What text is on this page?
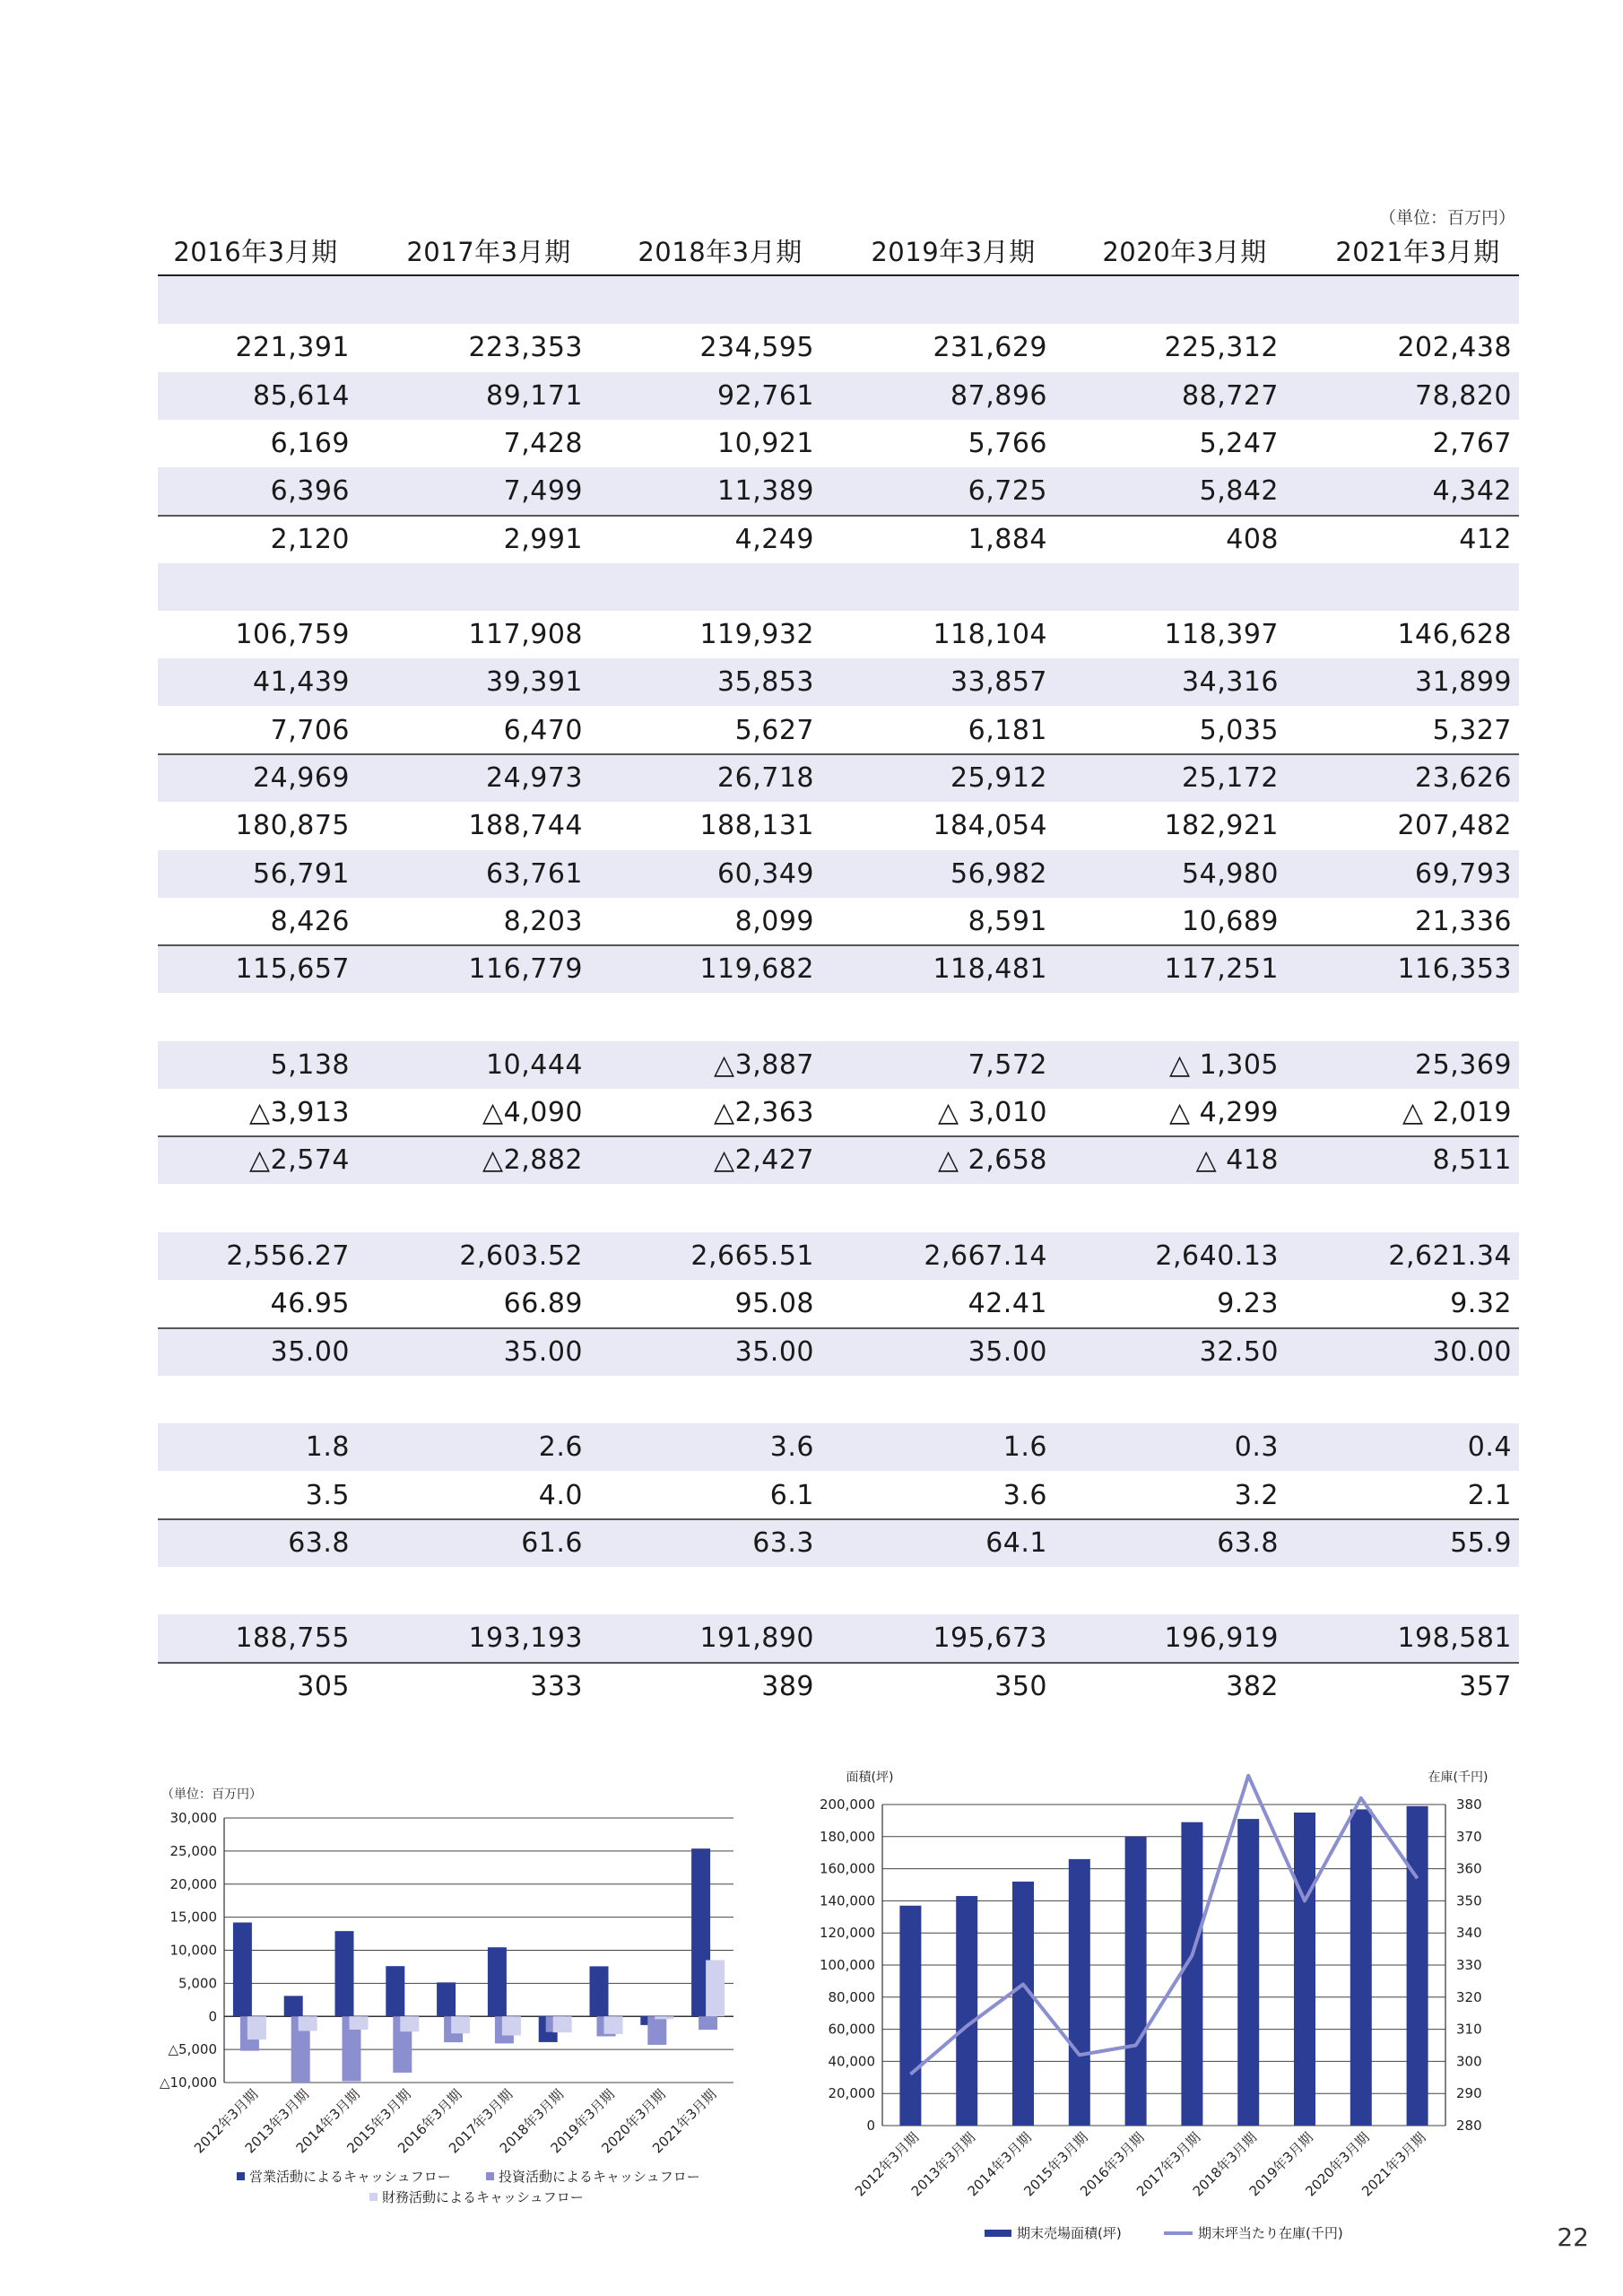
（単位：百万円）
2016年3月期	2017年3月期	2018年3月期	2019年3月期	2020年3月期	2021年3月期
221,391	223,353	234,595	231,629	225,312	202,438
85,614	89,171	92,761	87,896	88,727	78,820
6,169	7,428	10,921	5,766	5,247	2,767
6,396	7,499	11,389	6,725	5,842	4,342
2,120	2,991	4,249	1,884	408	412
106,759	117,908	119,932	118,104	118,397	146,628
41,439	39,391	35,853	33,857	34,316	31,899
7,706	6,470	5,627	6,181	5,035	5,327
24,969	24,973	26,718	25,912	25,172	23,626
180,875	188,744	188,131	184,054	182,921	207,482
56,791	63,761	60,349	56,982	54,980	69,793
8,426	8,203	8,099	8,591	10,689	21,336
115,657	116,779	119,682	118,481	117,251	116,353
5,138	10,444	△3,887	7,572	△ 1,305	25,369
△3,913	△4,090	△2,363	△ 3,010	△ 4,299	△ 2,019
△2,574	△2,882	△2,427	△ 2,658	△ 418	8,511
2,556.27	2,603.52	2,665.51	2,667.14	2,640.13	2,621.34
46.95	66.89	95.08	42.41	9.23	9.32
35.00	35.00	35.00	35.00	32.50	30.00
1.8	2.6	3.6	1.6	0.3	0.4
3.5	4.0	6.1	3.6	3.2	2.1
63.8	61.6	63.3	64.1	63.8	55.9
188,755	193,193	191,890	195,673	196,919	198,581
305	333	389	350	382	357
（単位：百万円）
30,000
25,000
20,000
15,000
10,000
5,000
0
△5,000
△10,000
2012年3月期
2013年3月期
2014年3月期
2015年3月期
2016年3月期
2017年3月期
2018年3月期
2019年3月期
2020年3月期
2021年3月期
営業活動によるキャッシュフロー	投資活動によるキャッシュフロー
財務活動によるキャッシュフロー
面積(坪)	在庫(千円)
200,000
180,000
160,000
140,000
120,000
100,000
80,000
60,000
40,000
20,000
0
380
370
360
350
340
330
320
310
300
290
280
2012年3月期
2013年3月期
2014年3月期
2015年3月期
2016年3月期
2017年3月期
2018年3月期
2019年3月期
2020年3月期
2021年3月期
期末売場面積(坪)	期末坪当たり在庫(千円)	22
